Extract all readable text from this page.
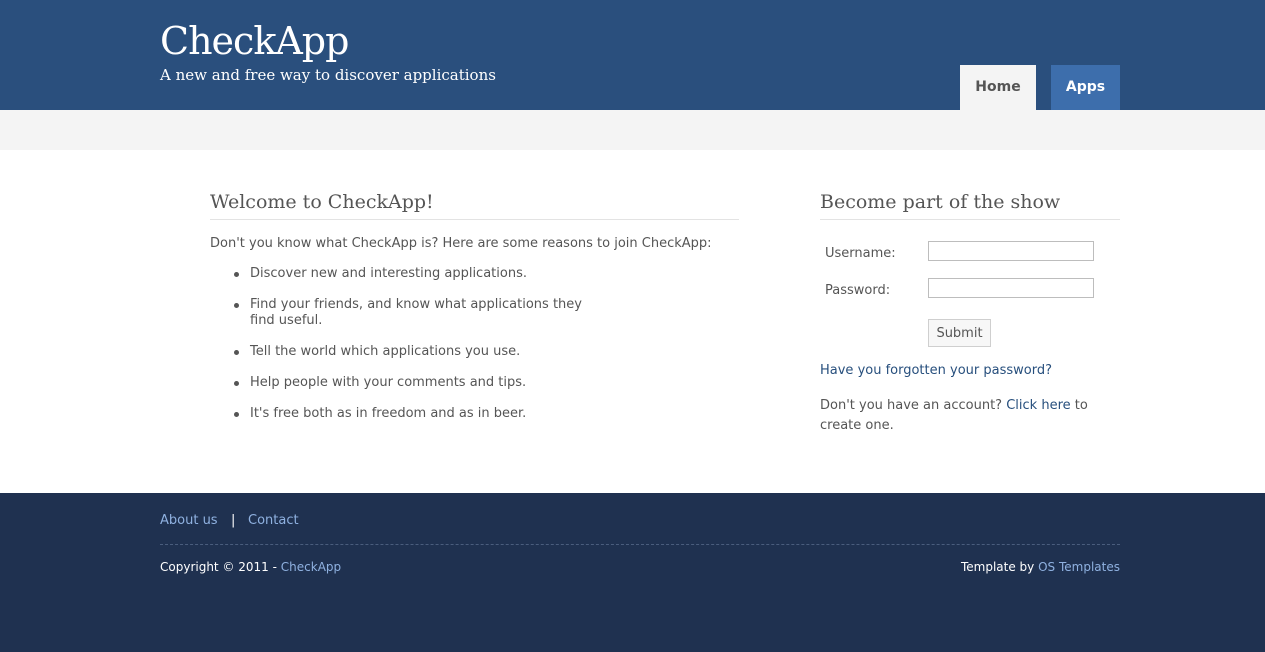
CheckApp
A new and free way to discover applications
Home	Apps
Welcome to CheckApp!
Don't you know what CheckApp is? Here are some reasons to join CheckApp:
Discover new and interesting applications.
Find your friends, and know what applications they find useful.
Tell the world which applications you use.
Help people with your comments and tips.
It's free both as in freedom and as in beer.
Become part of the show
Username:
Password:
Submit
Have you forgotten your password?
Don't you have an account? Click here to create one.
About us | Contact
Copyright © 2011 - CheckApp	Template by OS Templates
